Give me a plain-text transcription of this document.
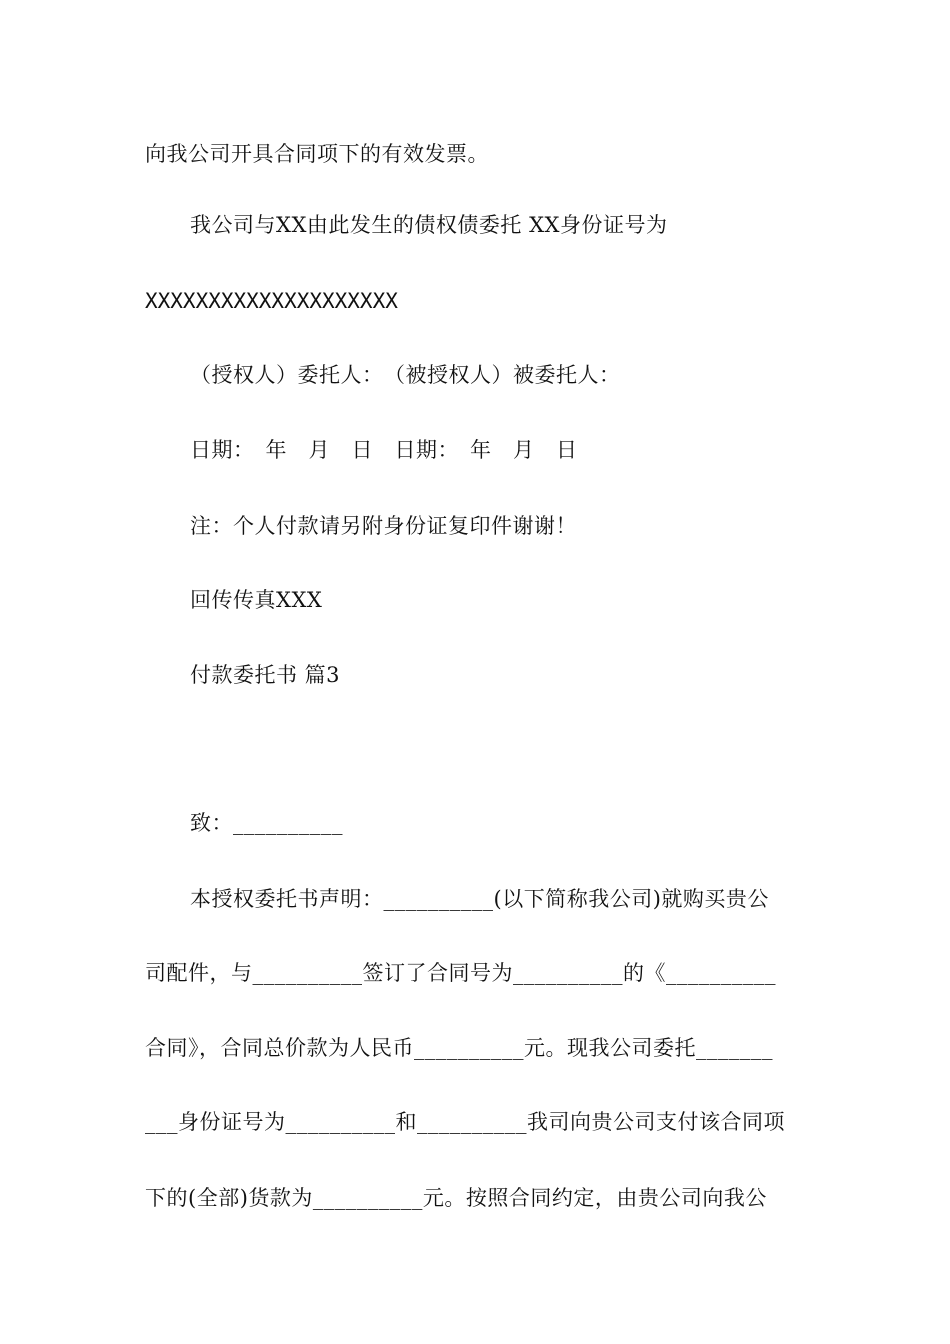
向我公司开具合同项下的有效发票。
我公司与XX由此发生的债权债委托 XX身份证号为
XXXXXXXXXXXXXXXXXXXX
（授权人）委托人：　（被授权人）被委托人：
日期：　年　月　日　日期：　年　月　日
注：个人付款请另附身份证复印件谢谢！
回传传真XXX
付款委托书 篇3
致：__________
本授权委托书声明：__________(以下简称我公司)就购买贵公
司配件，与__________签订了合同号为__________的《__________
合同》，合同总价款为人民币__________元。现我公司委托_______
___身份证号为__________和__________我司向贵公司支付该合同项
下的(全部)货款为__________元。按照合同约定，由贵公司向我公
